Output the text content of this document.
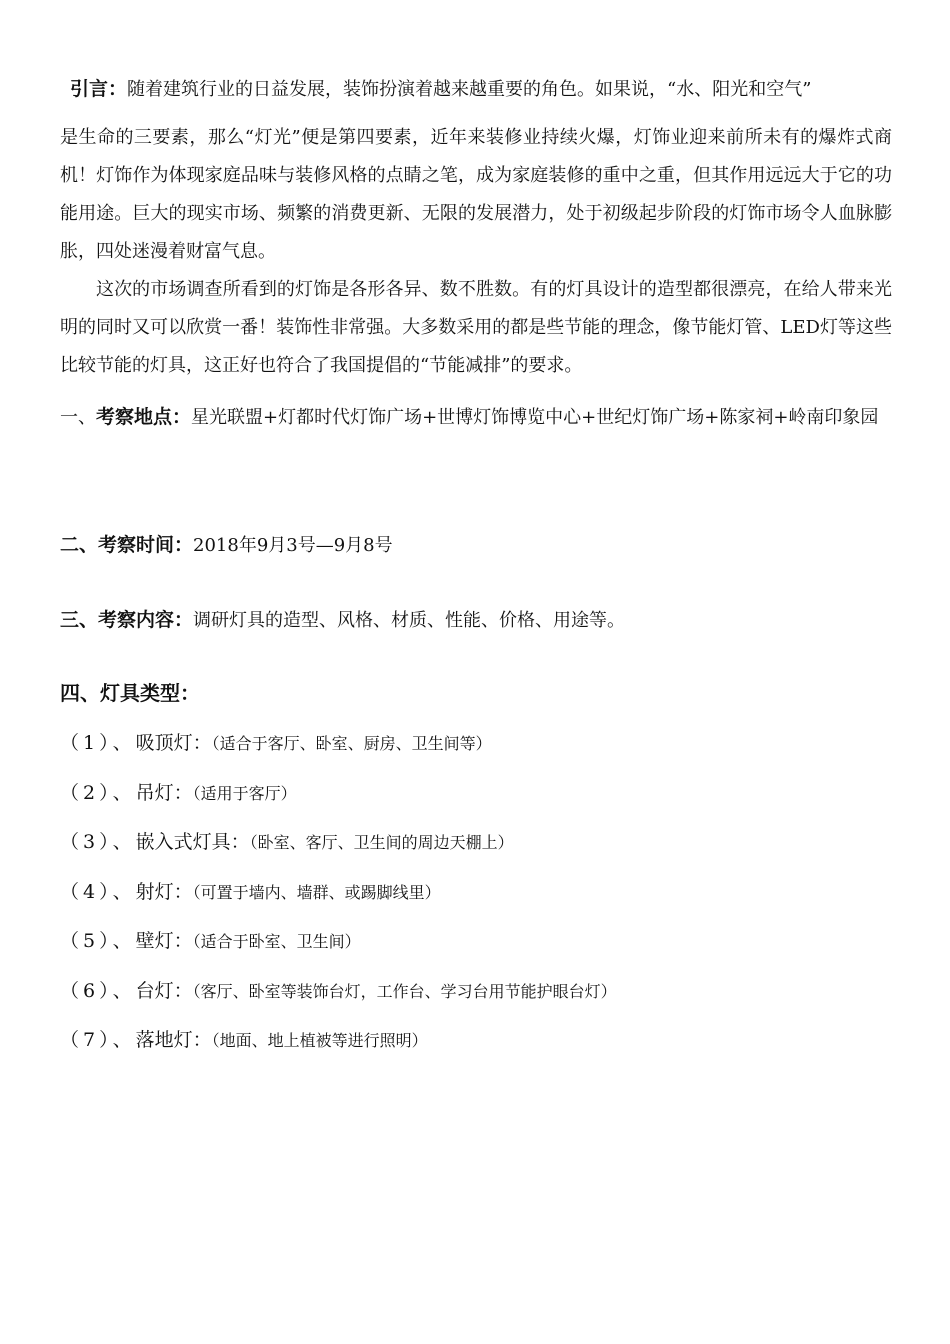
引言：随着建筑行业的日益发展，装饰扮演着越来越重要的角色。如果说，“水、阳光和空气”

是生命的三要素，那么“灯光”便是第四要素，近年来装修业持续火爆，灯饰业迎来前所未有的爆炸式商机！灯饰作为体现家庭品味与装修风格的点睛之笔，成为家庭装修的重中之重，但其作用远远大于它的功能用途。巨大的现实市场、频繁的消费更新、无限的发展潜力，处于初级起步阶段的灯饰市场令人血脉膨胀，四处迷漫着财富气息。

这次的市场调查所看到的灯饰是各形各异、数不胜数。有的灯具设计的造型都很漂亮，在给人带来光明的同时又可以欣赏一番！装饰性非常强。大多数采用的都是些节能的理念，像节能灯管、LED灯等这些比较节能的灯具，这正好也符合了我国提倡的“节能减排”的要求。

一、考察地点：星光联盟+灯都时代灯饰广场+世博灯饰博览中心+世纪灯饰广场+陈家祠+岭南印象园
二、考察时间：2018年9月3号—9月8号
三、考察内容：调研灯具的造型、风格、材质、性能、价格、用途等。
四、灯具类型：
（1）、吸顶灯：（适合于客厅、卧室、厨房、卫生间等）
（2）、吊灯：（适用于客厅）
（3）、嵌入式灯具：（卧室、客厅、卫生间的周边天棚上）
（4）、射灯：（可置于墙内、墙群、或踢脚线里）
（5）、壁灯：（适合于卧室、卫生间）
（6）、台灯：（客厅、卧室等装饰台灯，工作台、学习台用节能护眼台灯）
（7）、落地灯：（地面、地上植被等进行照明）
